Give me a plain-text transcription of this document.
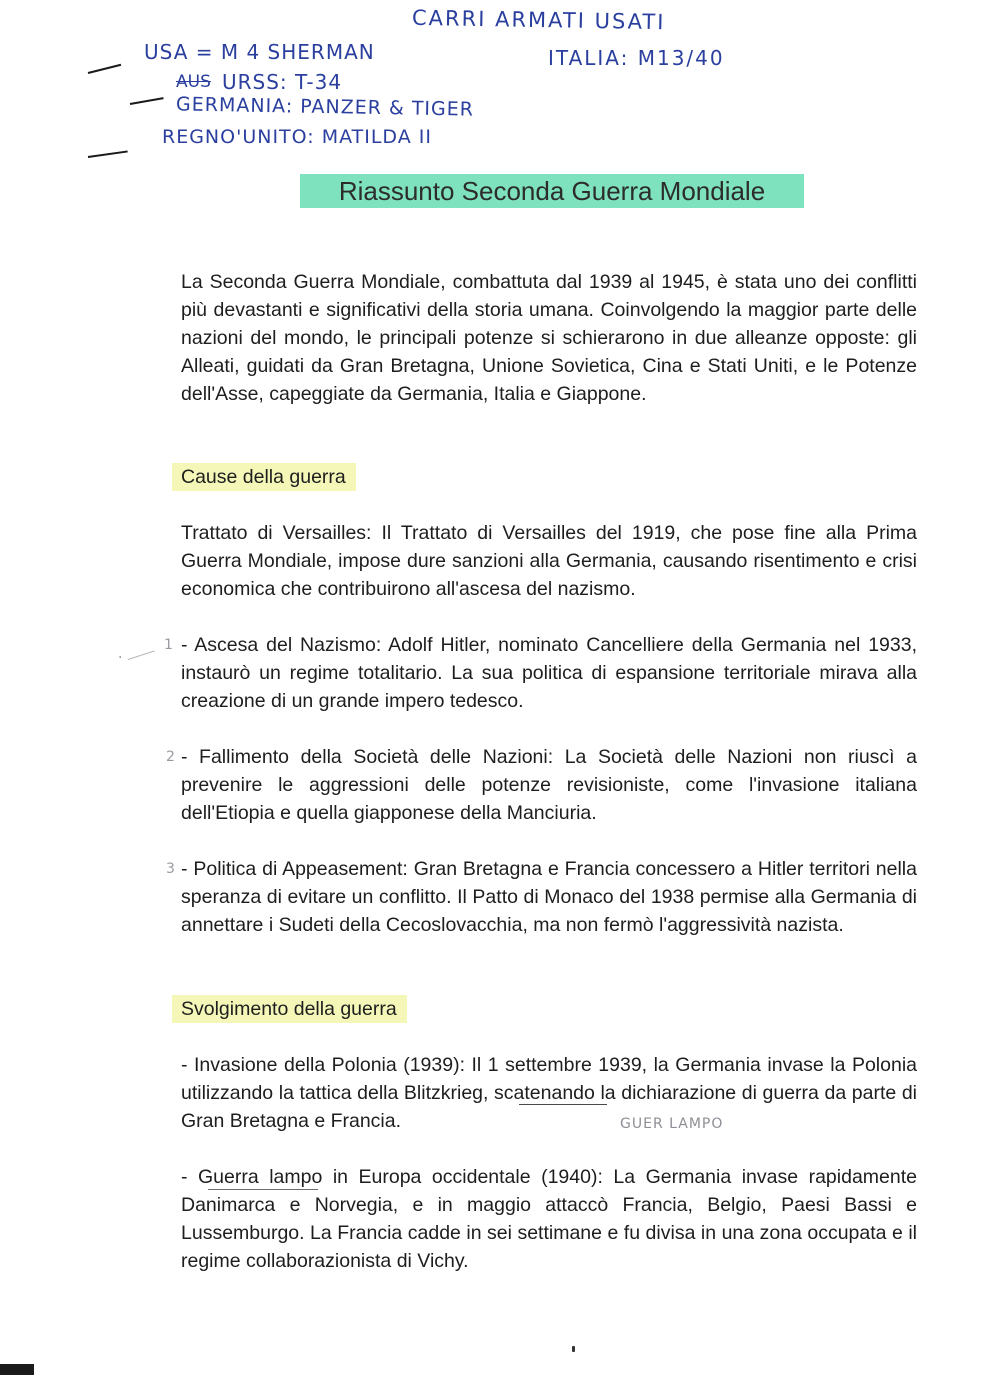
CARRI ARMATI USATI
USA = M 4 SHERMAN	ITALIA: M13/40
AUS URSS: T-34
GERMANIA: PANZER & TIGER
REGNO'UNITO: MATILDA II
Riassunto Seconda Guerra Mondiale

La Seconda Guerra Mondiale, combattuta dal 1939 al 1945, è stata uno dei conflitti più devastanti e significativi della storia umana. Coinvolgendo la maggior parte delle nazioni del mondo, le principali potenze si schierarono in due alleanze opposte: gli Alleati, guidati da Gran Bretagna, Unione Sovietica, Cina e Stati Uniti, e le Potenze dell'Asse, capeggiate da Germania, Italia e Giappone.

Cause della guerra

Trattato di Versailles: Il Trattato di Versailles del 1919, che pose fine alla Prima Guerra Mondiale, impose dure sanzioni alla Germania, causando risentimento e crisi economica che contribuirono all'ascesa del nazismo.

1
.	- Ascesa del Nazismo: Adolf Hitler, nominato Cancelliere della Germania nel 1933, instaurò un regime totalitario. La sua politica di espansione territoriale mirava alla creazione di un grande impero tedesco.

2 - Fallimento della Società delle Nazioni: La Società delle Nazioni non riuscì a prevenire le aggressioni delle potenze revisioniste, come l'invasione italiana dell'Etiopia e quella giapponese della Manciuria.

3 - Politica di Appeasement: Gran Bretagna e Francia concessero a Hitler territori nella speranza di evitare un conflitto. Il Patto di Monaco del 1938 permise alla Germania di annettare i Sudeti della Cecoslovacchia, ma non fermò l'aggressività nazista.

Svolgimento della guerra

- Invasione della Polonia (1939): Il 1 settembre 1939, la Germania invase la Polonia utilizzando la tattica della Blitzkrieg, scatenando la dichiarazione di guerra da parte di Gran Bretagna e Francia.	GUER LAMPO

- Guerra lampo in Europa occidentale (1940): La Germania invase rapidamente Danimarca e Norvegia, e in maggio attaccò Francia, Belgio, Paesi Bassi e Lussemburgo. La Francia cadde in sei settimane e fu divisa in una zona occupata e il regime collaborazionista di Vichy.
